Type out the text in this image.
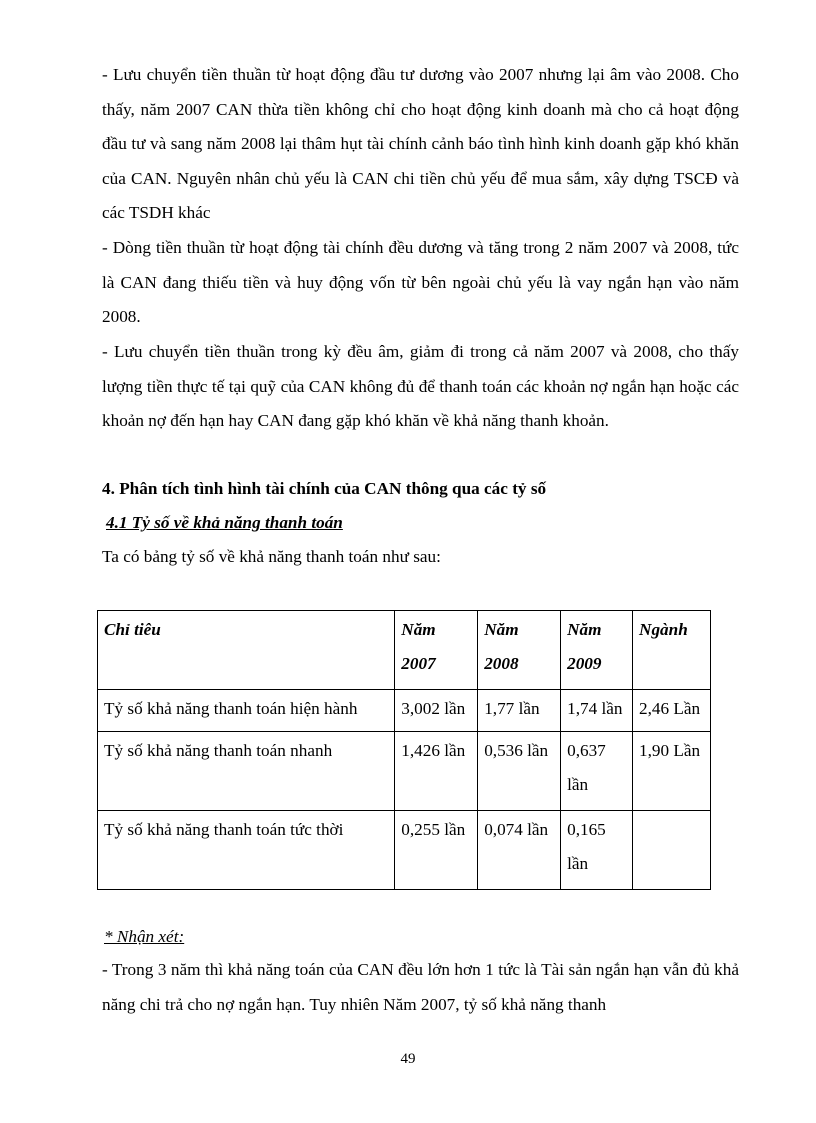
- Lưu chuyển tiền thuần từ hoạt động đầu tư dương vào 2007 nhưng lại âm vào 2008. Cho thấy, năm 2007 CAN thừa tiền không chỉ cho hoạt động kinh doanh mà cho cả hoạt động đầu tư và sang năm 2008 lại thâm hụt tài chính cảnh báo tình hình kinh doanh gặp khó khăn của CAN. Nguyên nhân chủ yếu là CAN chi tiền chủ yếu để mua sắm, xây dựng TSCĐ và các TSDH khác

- Dòng tiền thuần từ hoạt động tài chính đều dương và tăng trong 2 năm 2007 và 2008, tức là CAN đang thiếu tiền và huy động vốn từ bên ngoài chủ yếu là vay ngắn hạn vào năm 2008.

- Lưu chuyển tiền thuần trong kỳ đều âm, giảm đi trong cả năm 2007 và 2008, cho thấy lượng tiền thực tế tại quỹ của CAN không đủ để thanh toán các khoản nợ ngắn hạn hoặc các khoản nợ đến hạn hay CAN đang gặp khó khăn về khả năng thanh khoản.

4. Phân tích tình hình tài chính của CAN thông qua các tỷ số

4.1 Tỷ số về khả năng thanh toán

Ta có bảng tỷ số về khả năng thanh toán như sau:

Chỉ tiêu	Năm 2007	Năm 2008	Năm 2009	Ngành
Tỷ số khả năng thanh toán hiện hành	3,002 lần	1,77 lần	1,74 lần	2,46 Lần
Tỷ số khả năng thanh toán nhanh	1,426 lần	0,536 lần	0,637 lần	1,90 Lần
Tỷ số khả năng thanh toán tức thời	0,255 lần	0,074 lần	0,165 lần	

* Nhận xét:

- Trong 3 năm thì khả năng toán của CAN đều lớn hơn 1 tức là Tài sản ngắn hạn vẫn đủ khả năng chi trả cho nợ ngắn hạn. Tuy nhiên Năm 2007, tỷ số khả năng thanh

49
